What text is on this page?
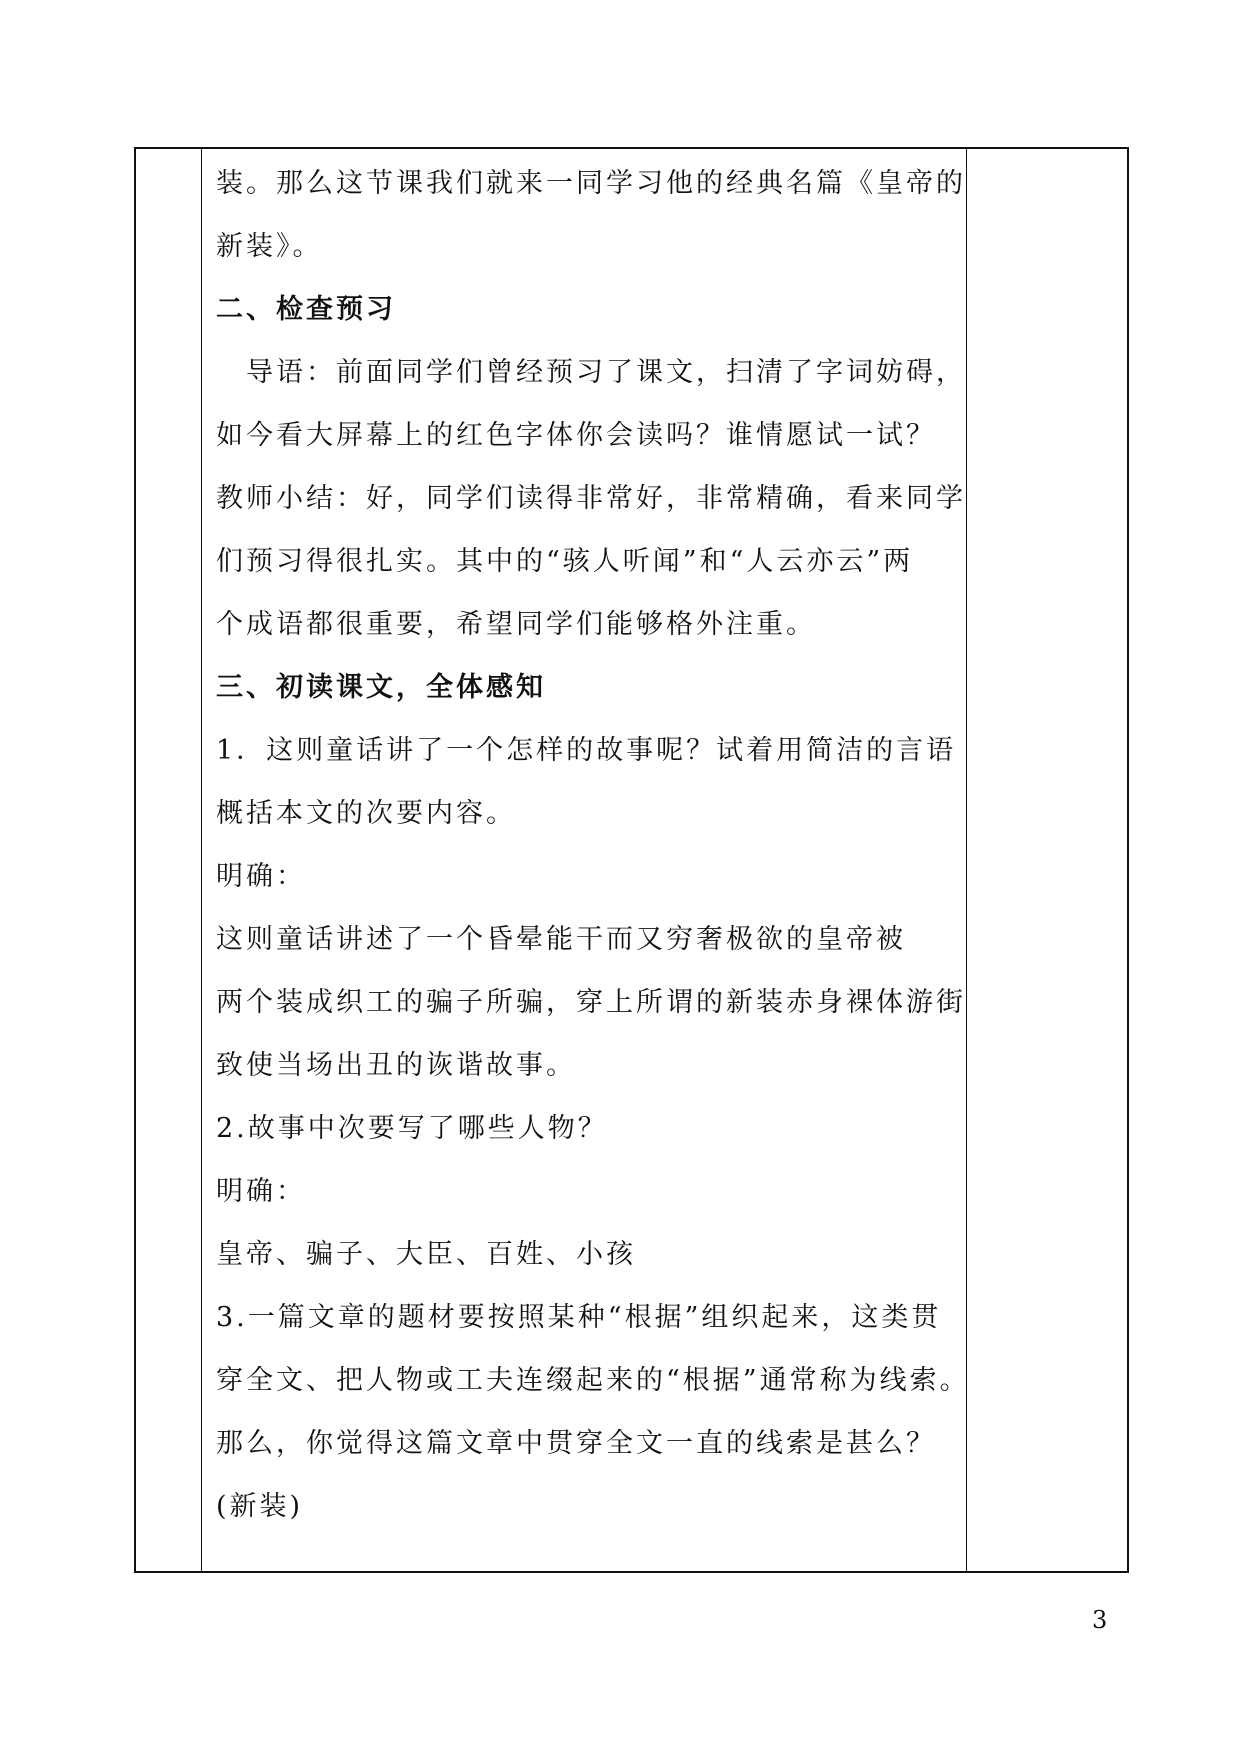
装。那么这节课我们就来一同学习他的经典名篇《皇帝的
新装》。
二、检查预习
　导语：前面同学们曾经预习了课文，扫清了字词妨碍，
如今看大屏幕上的红色字体你会读吗？谁情愿试一试？
教师小结：好，同学们读得非常好，非常精确，看来同学
们预习得很扎实。其中的“骇人听闻”和“人云亦云”两
个成语都很重要，希望同学们能够格外注重。
三、初读课文，全体感知
1．这则童话讲了一个怎样的故事呢？试着用简洁的言语
概括本文的次要内容。
明确：
这则童话讲述了一个昏晕能干而又穷奢极欲的皇帝被
两个装成织工的骗子所骗，穿上所谓的新装赤身裸体游街
致使当场出丑的诙谐故事。
2.故事中次要写了哪些人物？
明确：
皇帝、骗子、大臣、百姓、小孩
3.一篇文章的题材要按照某种“根据”组织起来，这类贯
穿全文、把人物或工夫连缀起来的“根据”通常称为线索。
那么，你觉得这篇文章中贯穿全文一直的线索是甚么？
(新装)
3
